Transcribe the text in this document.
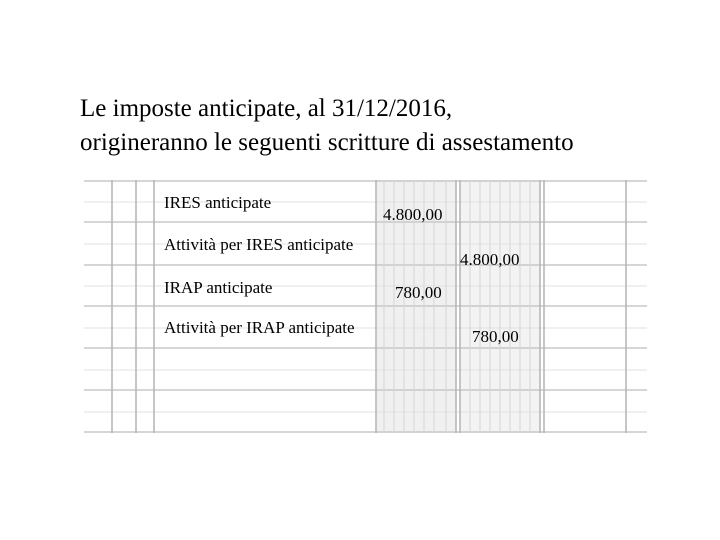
Le imposte anticipate, al 31/12/2016,
origineranno le seguenti scritture di assestamento
IRES anticipate
4.800,00
Attività per IRES anticipate
4.800,00
IRAP anticipate	780,00
Attività per IRAP anticipate	780,00
